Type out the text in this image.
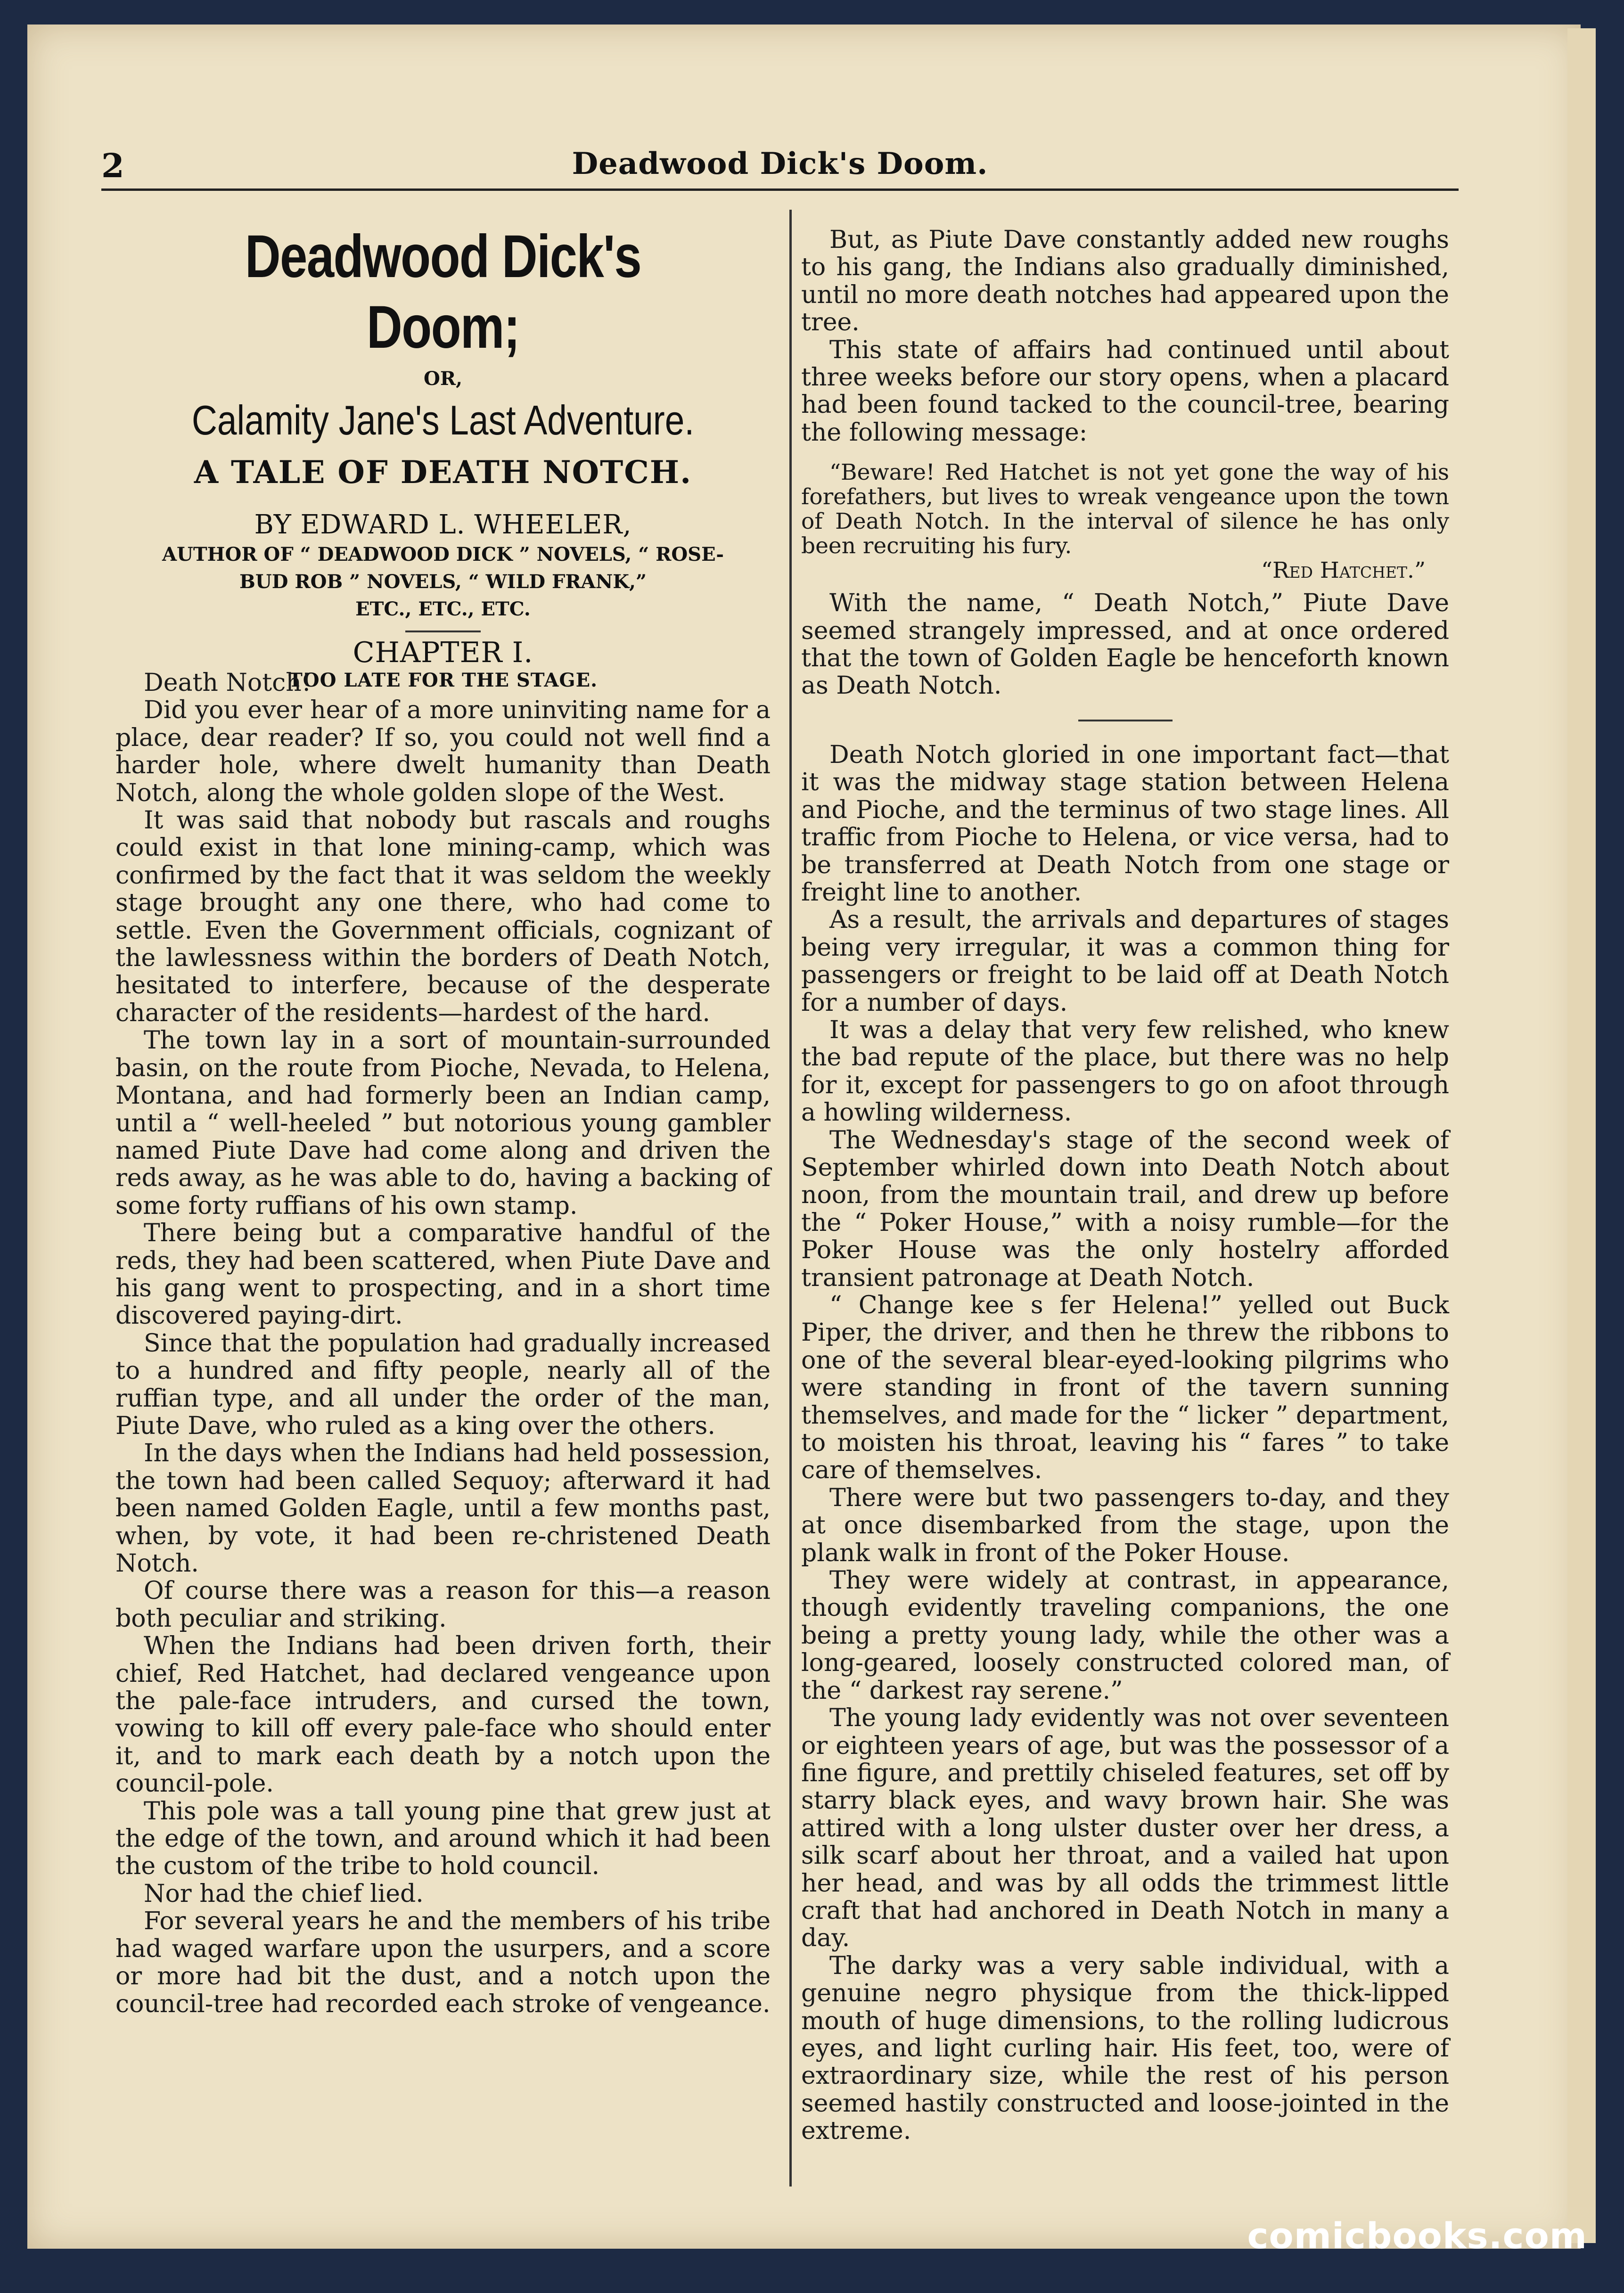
2	Deadwood Dick's Doom.
Deadwood Dick's Doom;
OR,
Calamity Jane's Last Adventure.
A TALE OF DEATH NOTCH.
BY EDWARD L. WHEELER,
AUTHOR OF “ DEADWOOD DICK ” NOVELS, “ ROSE-
BUD ROB ” NOVELS, “ WILD FRANK,”
ETC., ETC., ETC.
CHAPTER I.
TOO LATE FOR THE STAGE.

Death Notch!

Did you ever hear of a more uninviting name for a place, dear reader? If so, you could not well find a harder hole, where dwelt humanity than Death Notch, along the whole golden slope of the West.

It was said that nobody but rascals and roughs could exist in that lone mining-camp, which was confirmed by the fact that it was seldom the weekly stage brought any one there, who had come to settle. Even the Government officials, cognizant of the lawlessness within the borders of Death Notch, hesitated to interfere, because of the desperate character of the residents—hardest of the hard.

The town lay in a sort of mountain-surrounded basin, on the route from Pioche, Nevada, to Helena, Montana, and had formerly been an Indian camp, until a “ well-heeled ” but notorious young gambler named Piute Dave had come along and driven the reds away, as he was able to do, having a backing of some forty ruffians of his own stamp.

There being but a comparative handful of the reds, they had been scattered, when Piute Dave and his gang went to prospecting, and in a short time discovered paying-dirt.

Since that the population had gradually increased to a hundred and fifty people, nearly all of the ruffian type, and all under the order of the man, Piute Dave, who ruled as a king over the others.

In the days when the Indians had held possession, the town had been called Sequoy; afterward it had been named Golden Eagle, until a few months past, when, by vote, it had been re-christened Death Notch.

Of course there was a reason for this—a reason both peculiar and striking.

When the Indians had been driven forth, their chief, Red Hatchet, had declared vengeance upon the pale-face intruders, and cursed the town, vowing to kill off every pale-face who should enter it, and to mark each death by a notch upon the council-pole.

This pole was a tall young pine that grew just at the edge of the town, and around which it had been the custom of the tribe to hold council.

Nor had the chief lied.

For several years he and the members of his tribe had waged warfare upon the usurpers, and a score or more had bit the dust, and a notch upon the council-tree had recorded each stroke of vengeance.

But, as Piute Dave constantly added new roughs to his gang, the Indians also gradually diminished, until no more death notches had appeared upon the tree.

This state of affairs had continued until about three weeks before our story opens, when a placard had been found tacked to the council-tree, bearing the following message:

“Beware! Red Hatchet is not yet gone the way of his forefathers, but lives to wreak vengeance upon the town of Death Notch. In the interval of silence he has only been recruiting his fury.

“Red Hatchet.”

With the name, “ Death Notch,” Piute Dave seemed strangely impressed, and at once ordered that the town of Golden Eagle be henceforth known as Death Notch.

Death Notch gloried in one important fact—that it was the midway stage station between Helena and Pioche, and the terminus of two stage lines. All traffic from Pioche to Helena, or vice versa, had to be transferred at Death Notch from one stage or freight line to another.

As a result, the arrivals and departures of stages being very irregular, it was a common thing for passengers or freight to be laid off at Death Notch for a number of days.

It was a delay that very few relished, who knew the bad repute of the place, but there was no help for it, except for passengers to go on afoot through a howling wilderness.

The Wednesday's stage of the second week of September whirled down into Death Notch about noon, from the mountain trail, and drew up before the “ Poker House,” with a noisy rumble—for the Poker House was the only hostelry afforded transient patronage at Death Notch.

“ Change kee s fer Helena!” yelled out Buck Piper, the driver, and then he threw the ribbons to one of the several blear-eyed-looking pilgrims who were standing in front of the tavern sunning themselves, and made for the “ licker ” department, to moisten his throat, leaving his “ fares ” to take care of themselves.

There were but two passengers to-day, and they at once disembarked from the stage, upon the plank walk in front of the Poker House.

They were widely at contrast, in appearance, though evidently traveling companions, the one being a pretty young lady, while the other was a long-geared, loosely constructed colored man, of the “ darkest ray serene.”

The young lady evidently was not over seventeen or eighteen years of age, but was the possessor of a fine figure, and prettily chiseled features, set off by starry black eyes, and wavy brown hair. She was attired with a long ulster duster over her dress, a silk scarf about her throat, and a vailed hat upon her head, and was by all odds the trimmest little craft that had anchored in Death Notch in many a day.

The darky was a very sable individual, with a genuine negro physique from the thick-lipped mouth of huge dimensions, to the rolling ludicrous eyes, and light curling hair. His feet, too, were of extraordinary size, while the rest of his person seemed hastily constructed and loose-jointed in the extreme.

comicbooks.com
